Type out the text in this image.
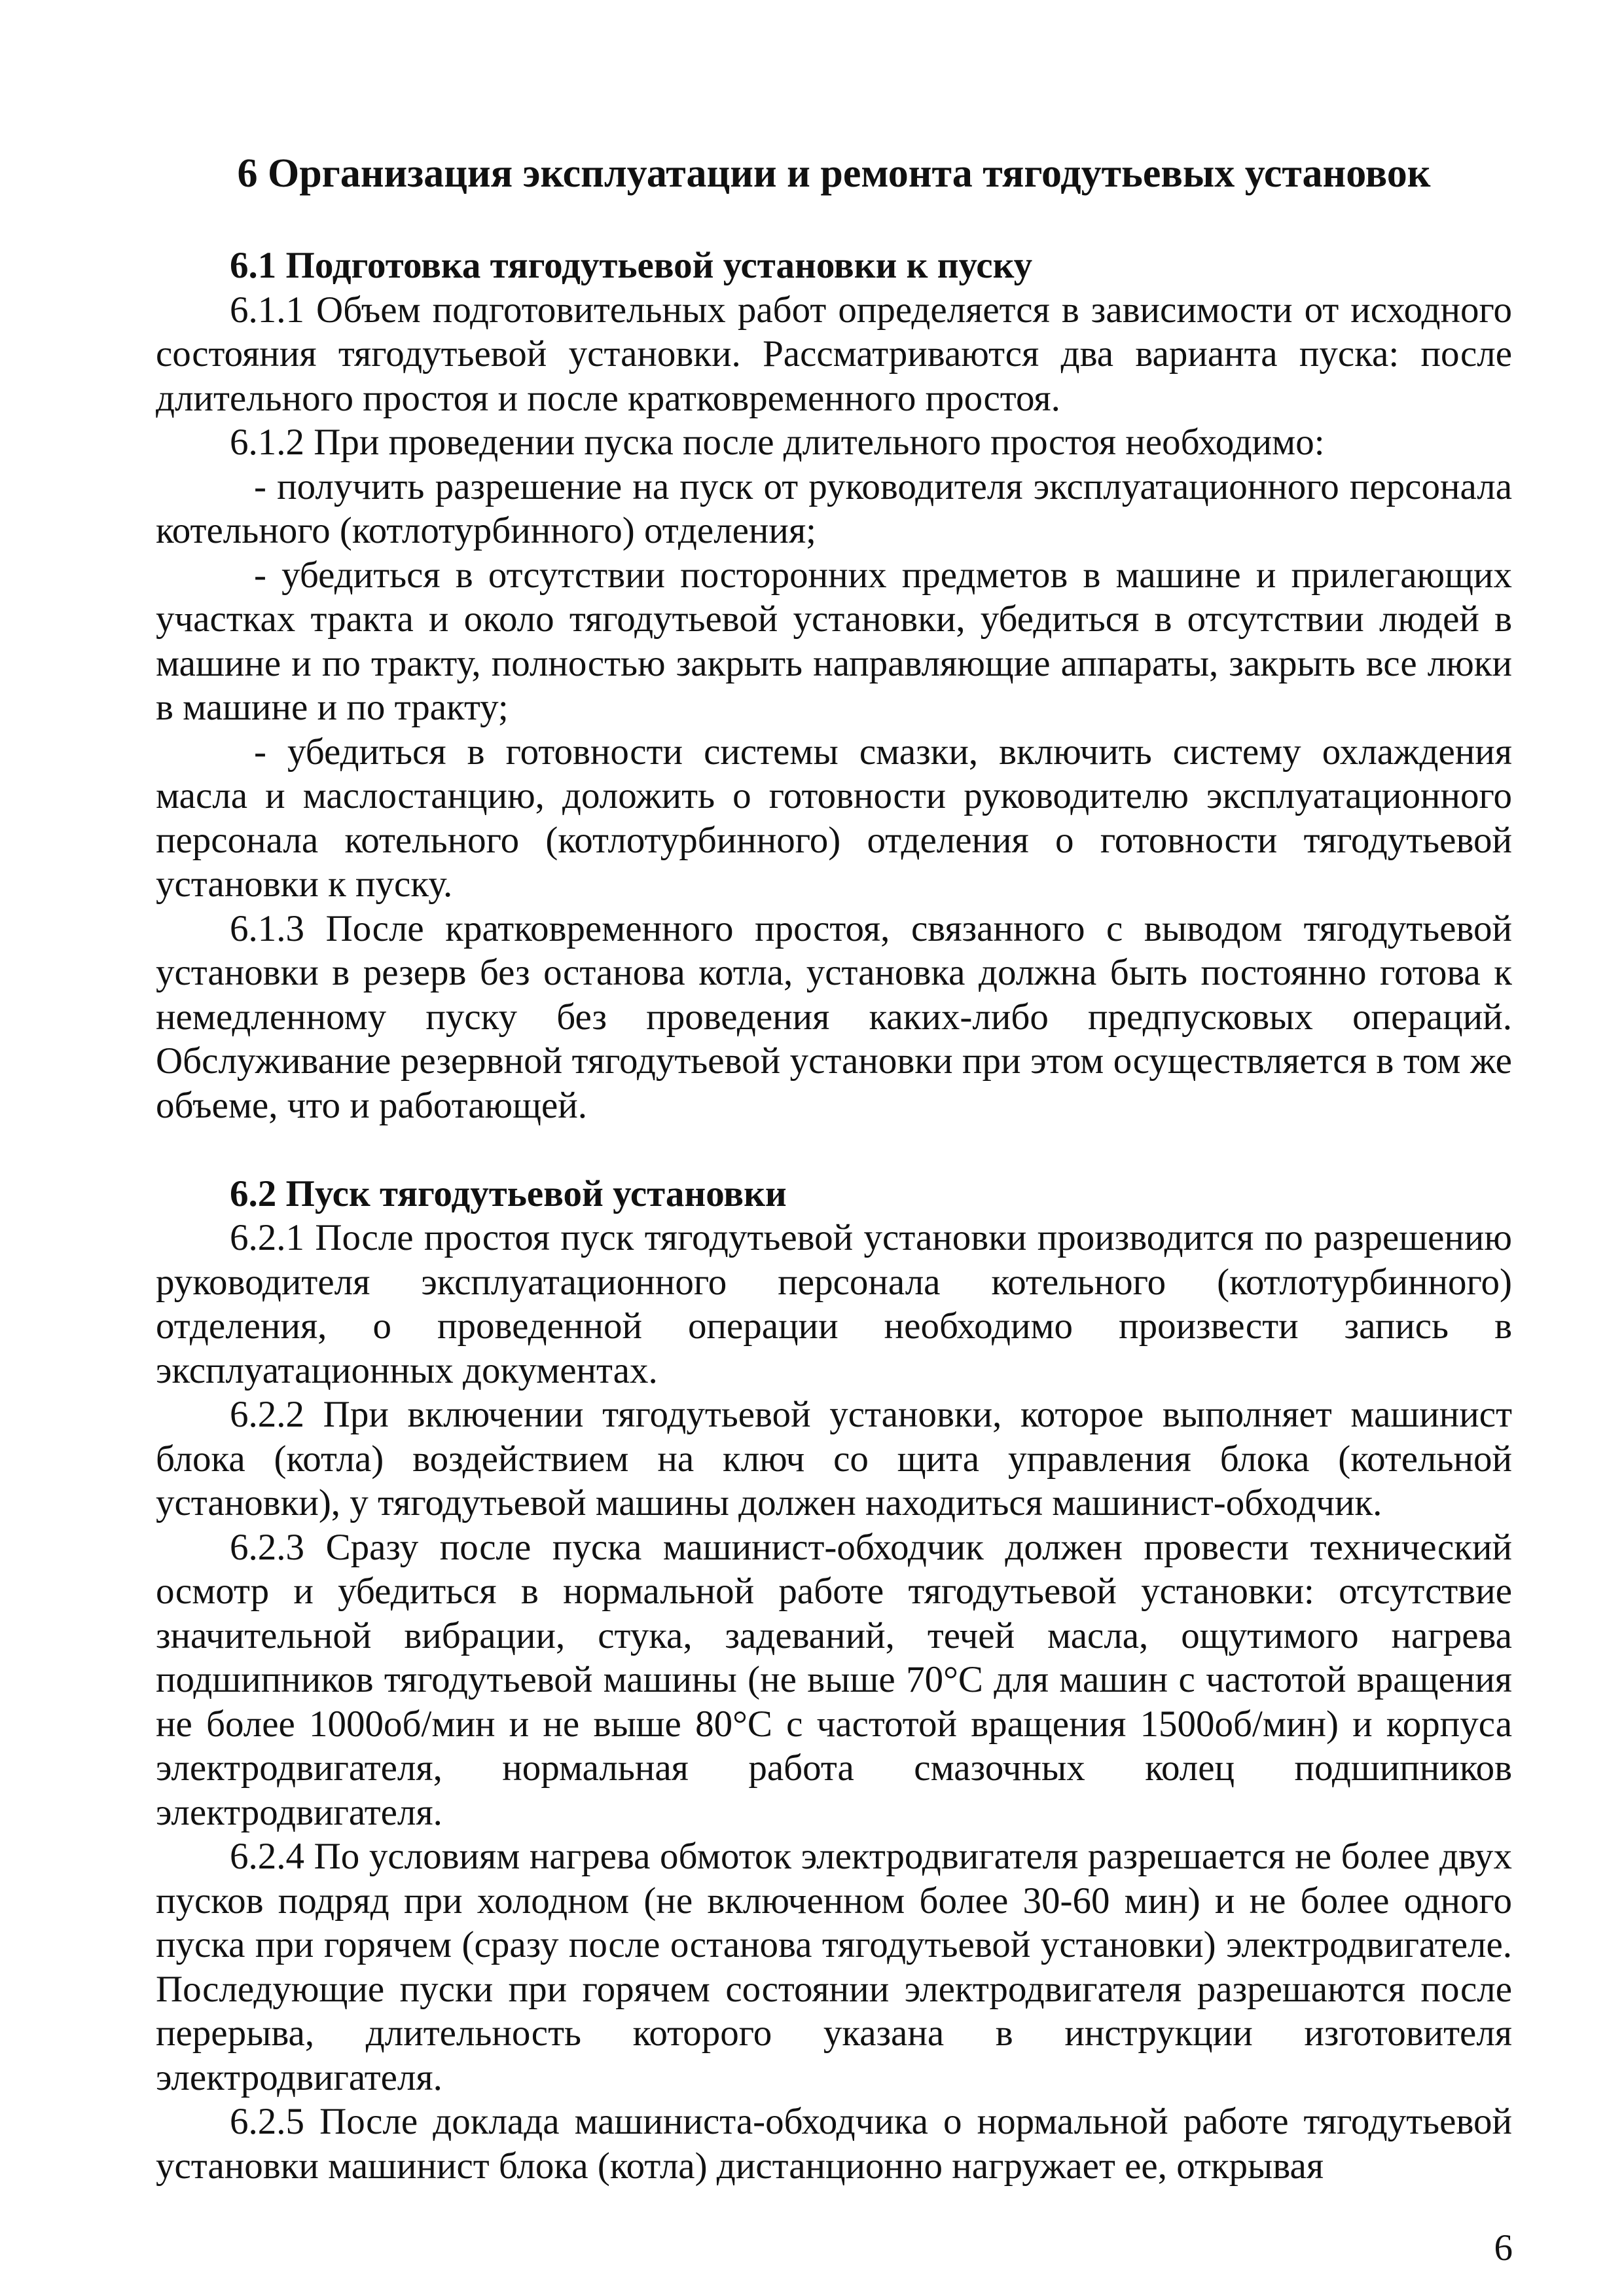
6 Организация эксплуатации и ремонта тягодутьевых установок
6.1 Подготовка тягодутьевой установки к пуску

6.1.1 Объем подготовительных работ определяется в зависимости от исходного состояния тягодутьевой установки. Рассматриваются два варианта пуска: после длительного простоя и после кратковременного простоя.

6.1.2 При проведении пуска после длительного простоя необходимо:

- получить разрешение на пуск от руководителя эксплуатационного персонала котельного (котлотурбинного) отделения;

- убедиться в отсутствии посторонних предметов в машине и прилегающих участках тракта и около тягодутьевой установки, убедиться в отсутствии людей в машине и по тракту, полностью закрыть направляющие аппараты, закрыть все люки в машине и по тракту;

- убедиться в готовности системы смазки, включить систему охлаждения масла и маслостанцию, доложить о готовности руководителю эксплуатационного персонала котельного (котлотурбинного) отделения о готовности тягодутьевой установки к пуску.

6.1.3 После кратковременного простоя, связанного с выводом тягодутьевой установки в резерв без останова котла, установка должна быть постоянно готова к немедленному пуску без проведения каких-либо предпусковых операций. Обслуживание резервной тягодутьевой установки при этом осуществляется в том же объеме, что и работающей.

6.2 Пуск тягодутьевой установки

6.2.1 После простоя пуск тягодутьевой установки производится по разрешению руководителя эксплуатационного персонала котельного (котлотурбинного) отделения, о проведенной операции необходимо произвести запись в эксплуатационных документах.

6.2.2 При включении тягодутьевой установки, которое выполняет машинист блока (котла) воздействием на ключ со щита управления блока (котельной установки), у тягодутьевой машины должен находиться машинист-обходчик.

6.2.3 Сразу после пуска машинист-обходчик должен провести технический осмотр и убедиться в нормальной работе тягодутьевой установки: отсутствие значительной вибрации, стука, задеваний, течей масла, ощутимого нагрева подшипников тягодутьевой машины (не выше 70°С для машин с частотой вращения не более 1000об/мин и не выше 80°С с частотой вращения 1500об/мин) и корпуса электродвигателя, нормальная работа смазочных колец подшипников электродвигателя.

6.2.4 По условиям нагрева обмоток электродвигателя разрешается не более двух пусков подряд при холодном (не включенном более 30-60 мин) и не более одного пуска при горячем (сразу после останова тягодутьевой установки) электродвигателе. Последующие пуски при горячем состоянии электродвигателя разрешаются после перерыва, длительность которого указана в инструкции изготовителя электродвигателя.

6.2.5 После доклада машиниста-обходчика о нормальной работе тягодутьевой установки машинист блока (котла) дистанционно нагружает ее, открывая

6
